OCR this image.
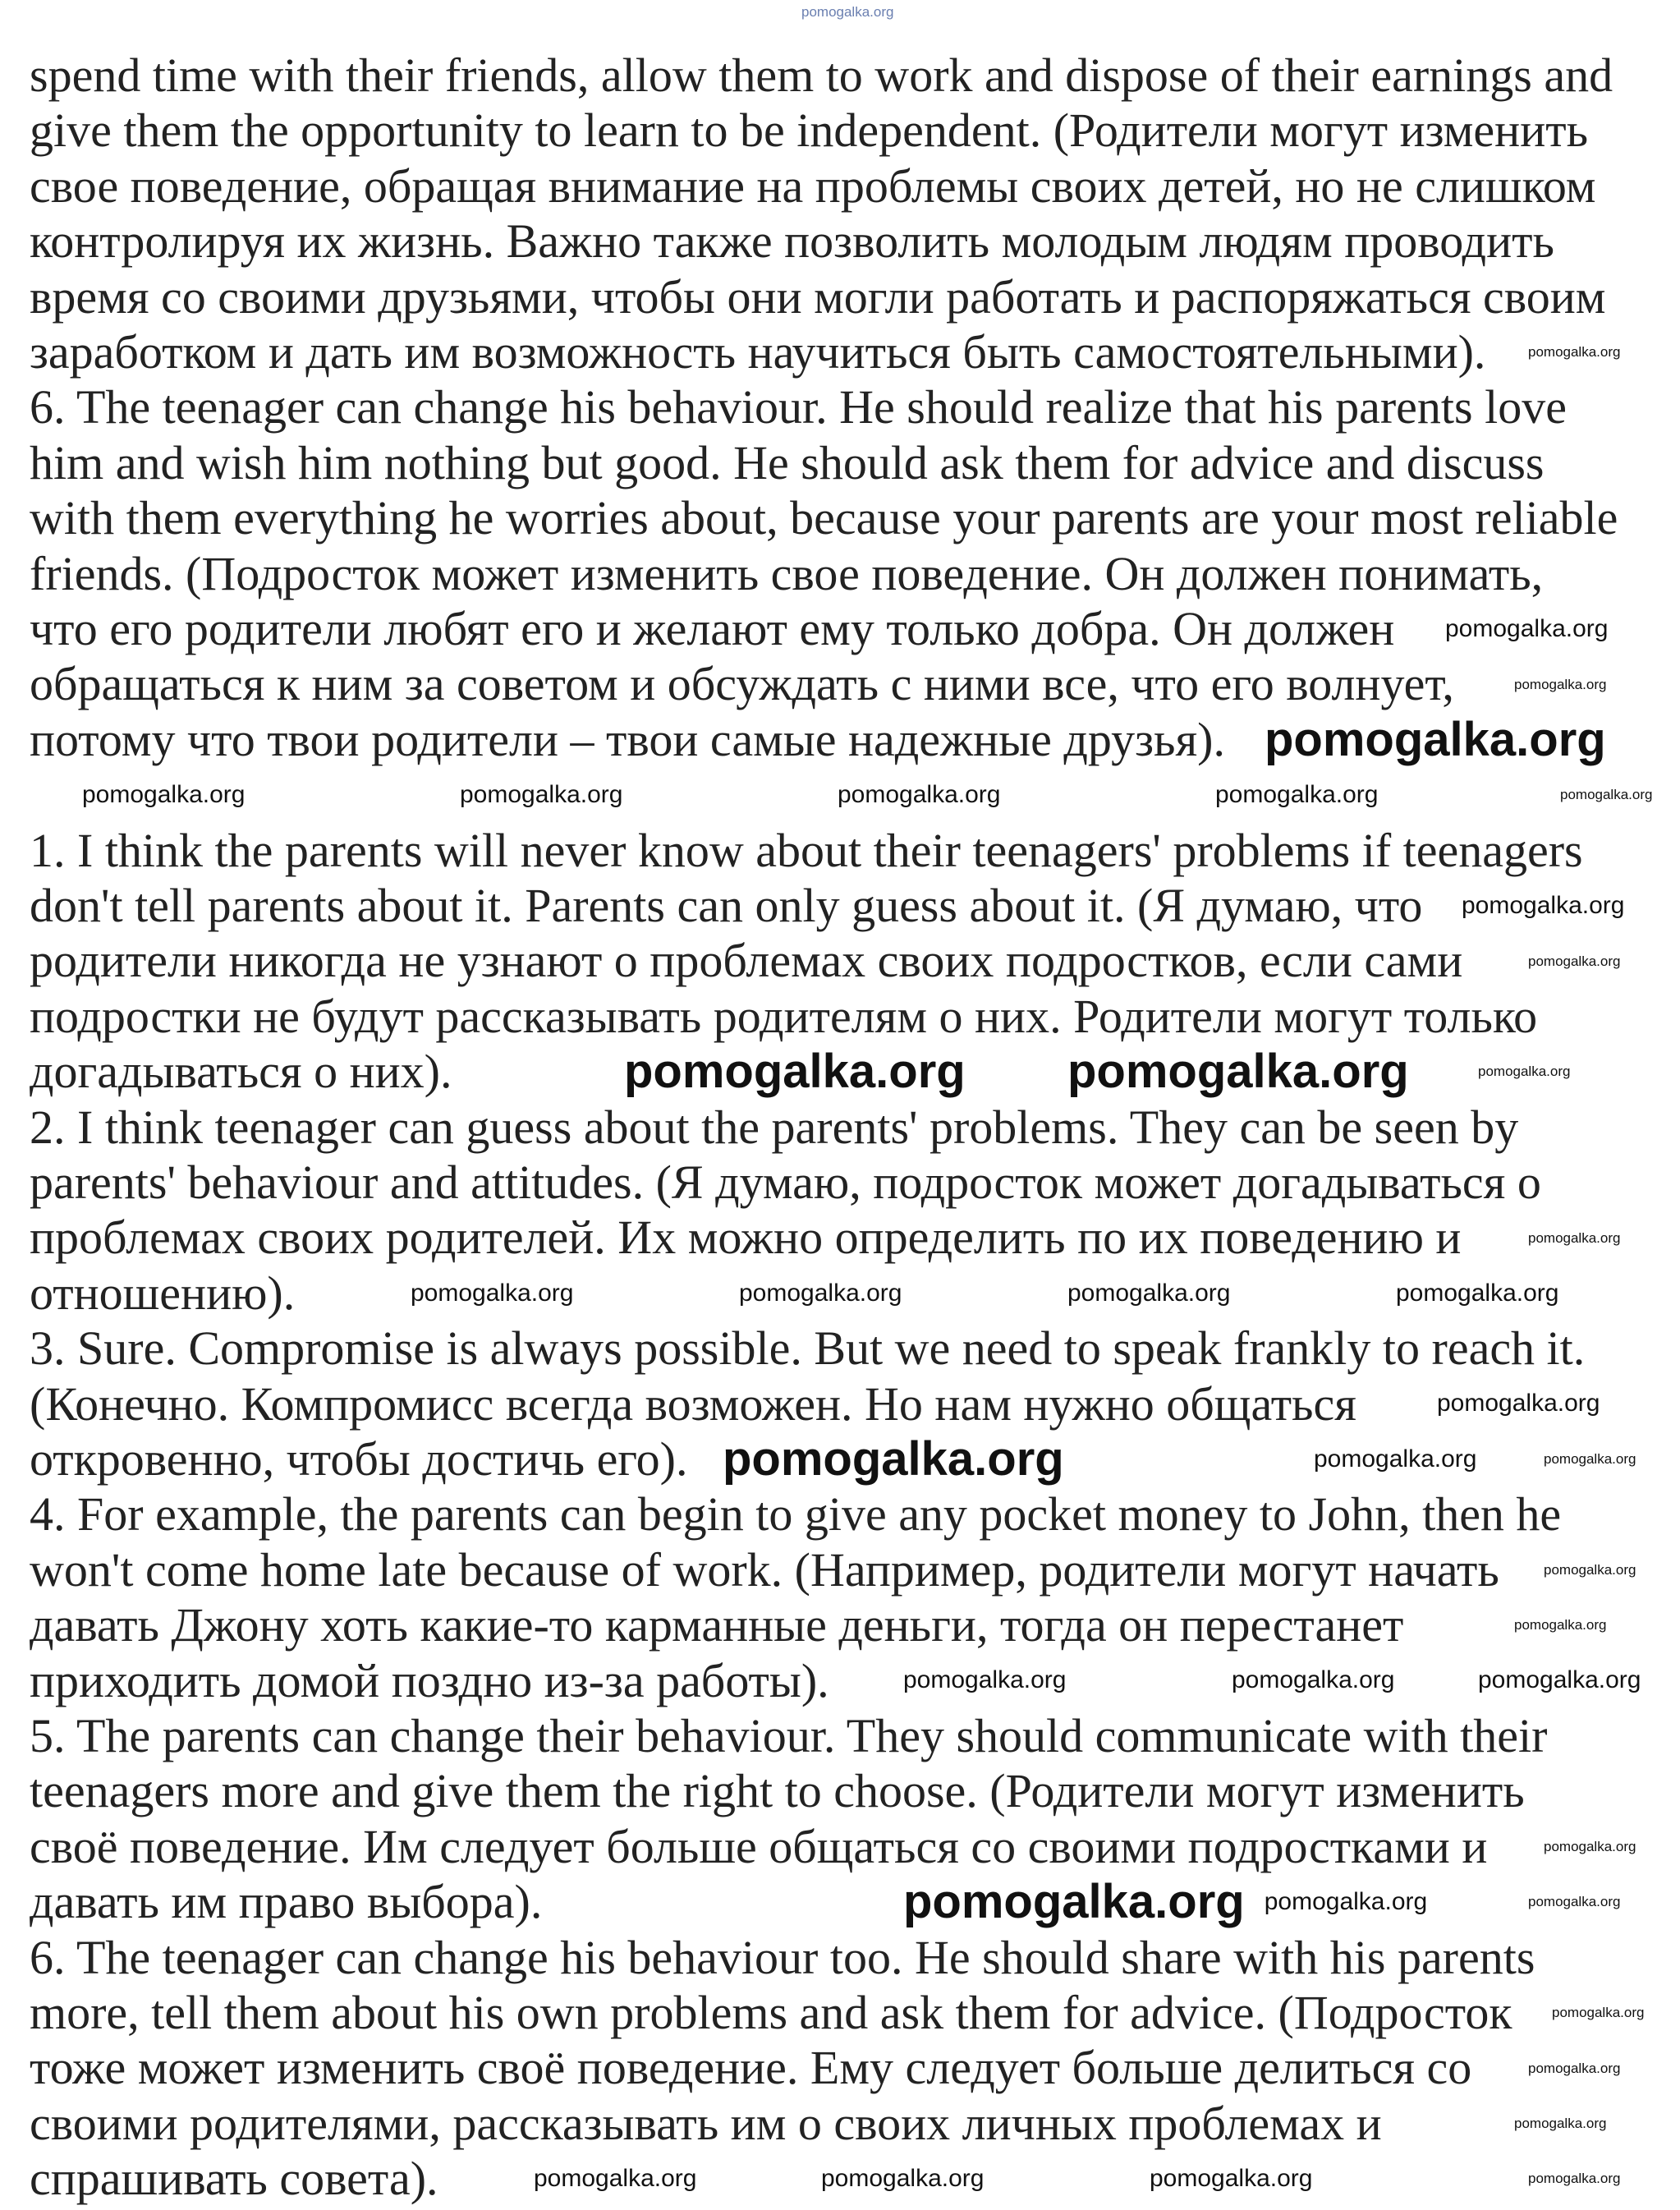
spend time with their friends, allow them to work and dispose of their earnings and
give them the opportunity to learn to be independent. (Родители могут изменить
свое поведение, обращая внимание на проблемы своих детей, но не слишком
контролируя их жизнь. Важно также позволить молодым людям проводить
время со своими друзьями, чтобы они могли работать и распоряжаться своим
заработком и дать им возможность научиться быть самостоятельными).
6. The teenager can change his behaviour. He should realize that his parents love
him and wish him nothing but good. He should ask them for advice and discuss
with them everything he worries about, because your parents are your most reliable
friends. (Подросток может изменить свое поведение. Он должен понимать,
что его родители любят его и желают ему только добра. Он должен
обращаться к ним за советом и обсуждать с ними все, что его волнует,
потому что твои родители – твои самые надежные друзья).
1. I think the parents will never know about their teenagers' problems if teenagers
don't tell parents about it. Parents can only guess about it. (Я думаю, что
родители никогда не узнают о проблемах своих подростков, если сами
подростки не будут рассказывать родителям о них. Родители могут только
догадываться о них).
2. I think teenager can guess about the parents' problems. They can be seen by
parents' behaviour and attitudes. (Я думаю, подросток может догадываться о
проблемах своих родителей. Их можно определить по их поведению и
отношению).
3. Sure. Compromise is always possible. But we need to speak frankly to reach it.
(Конечно. Компромисс всегда возможен. Но нам нужно общаться
откровенно, чтобы достичь его).
4. For example, the parents can begin to give any pocket money to John, then he
won't come home late because of work. (Например, родители могут начать
давать Джону хоть какие-то карманные деньги, тогда он перестанет
приходить домой поздно из-за работы).
5. The parents can change their behaviour. They should communicate with their
teenagers more and give them the right to choose. (Родители могут изменить
своё поведение. Им следует больше общаться со своими подростками и
давать им право выбора).
6. The teenager can change his behaviour too. He should share with his parents
more, tell them about his own problems and ask them for advice. (Подросток
тоже может изменить своё поведение. Ему следует больше делиться со
своими родителями, рассказывать им о своих личных проблемах и
спрашивать совета).
pomogalka.org
pomogalka.org
pomogalka.org pomogalka.org
pomogalka.org
pomogalka.org
pomogalka.org	pomogalka.org	pomogalka.org	pomogalka.org
pomogalka.org	pomogalka.org	pomogalka.org	pomogalka.org
pomogalka.org
pomogalka.org	pomogalka.org	pomogalka.org
pomogalka.org
pomogalka.org	pomogalka.org	pomogalka.org
pomogalka.org
pomogalka.org
pomogalka.org
pomogalka.org
pomogalka.org
pomogalka.org
pomogalka.org
pomogalka.org
pomogalka.org
pomogalka.org
pomogalka.org
pomogalka.org
pomogalka.org
pomogalka.org
pomogalka.org
pomogalka.org
pomogalka.org
pomogalka.org
